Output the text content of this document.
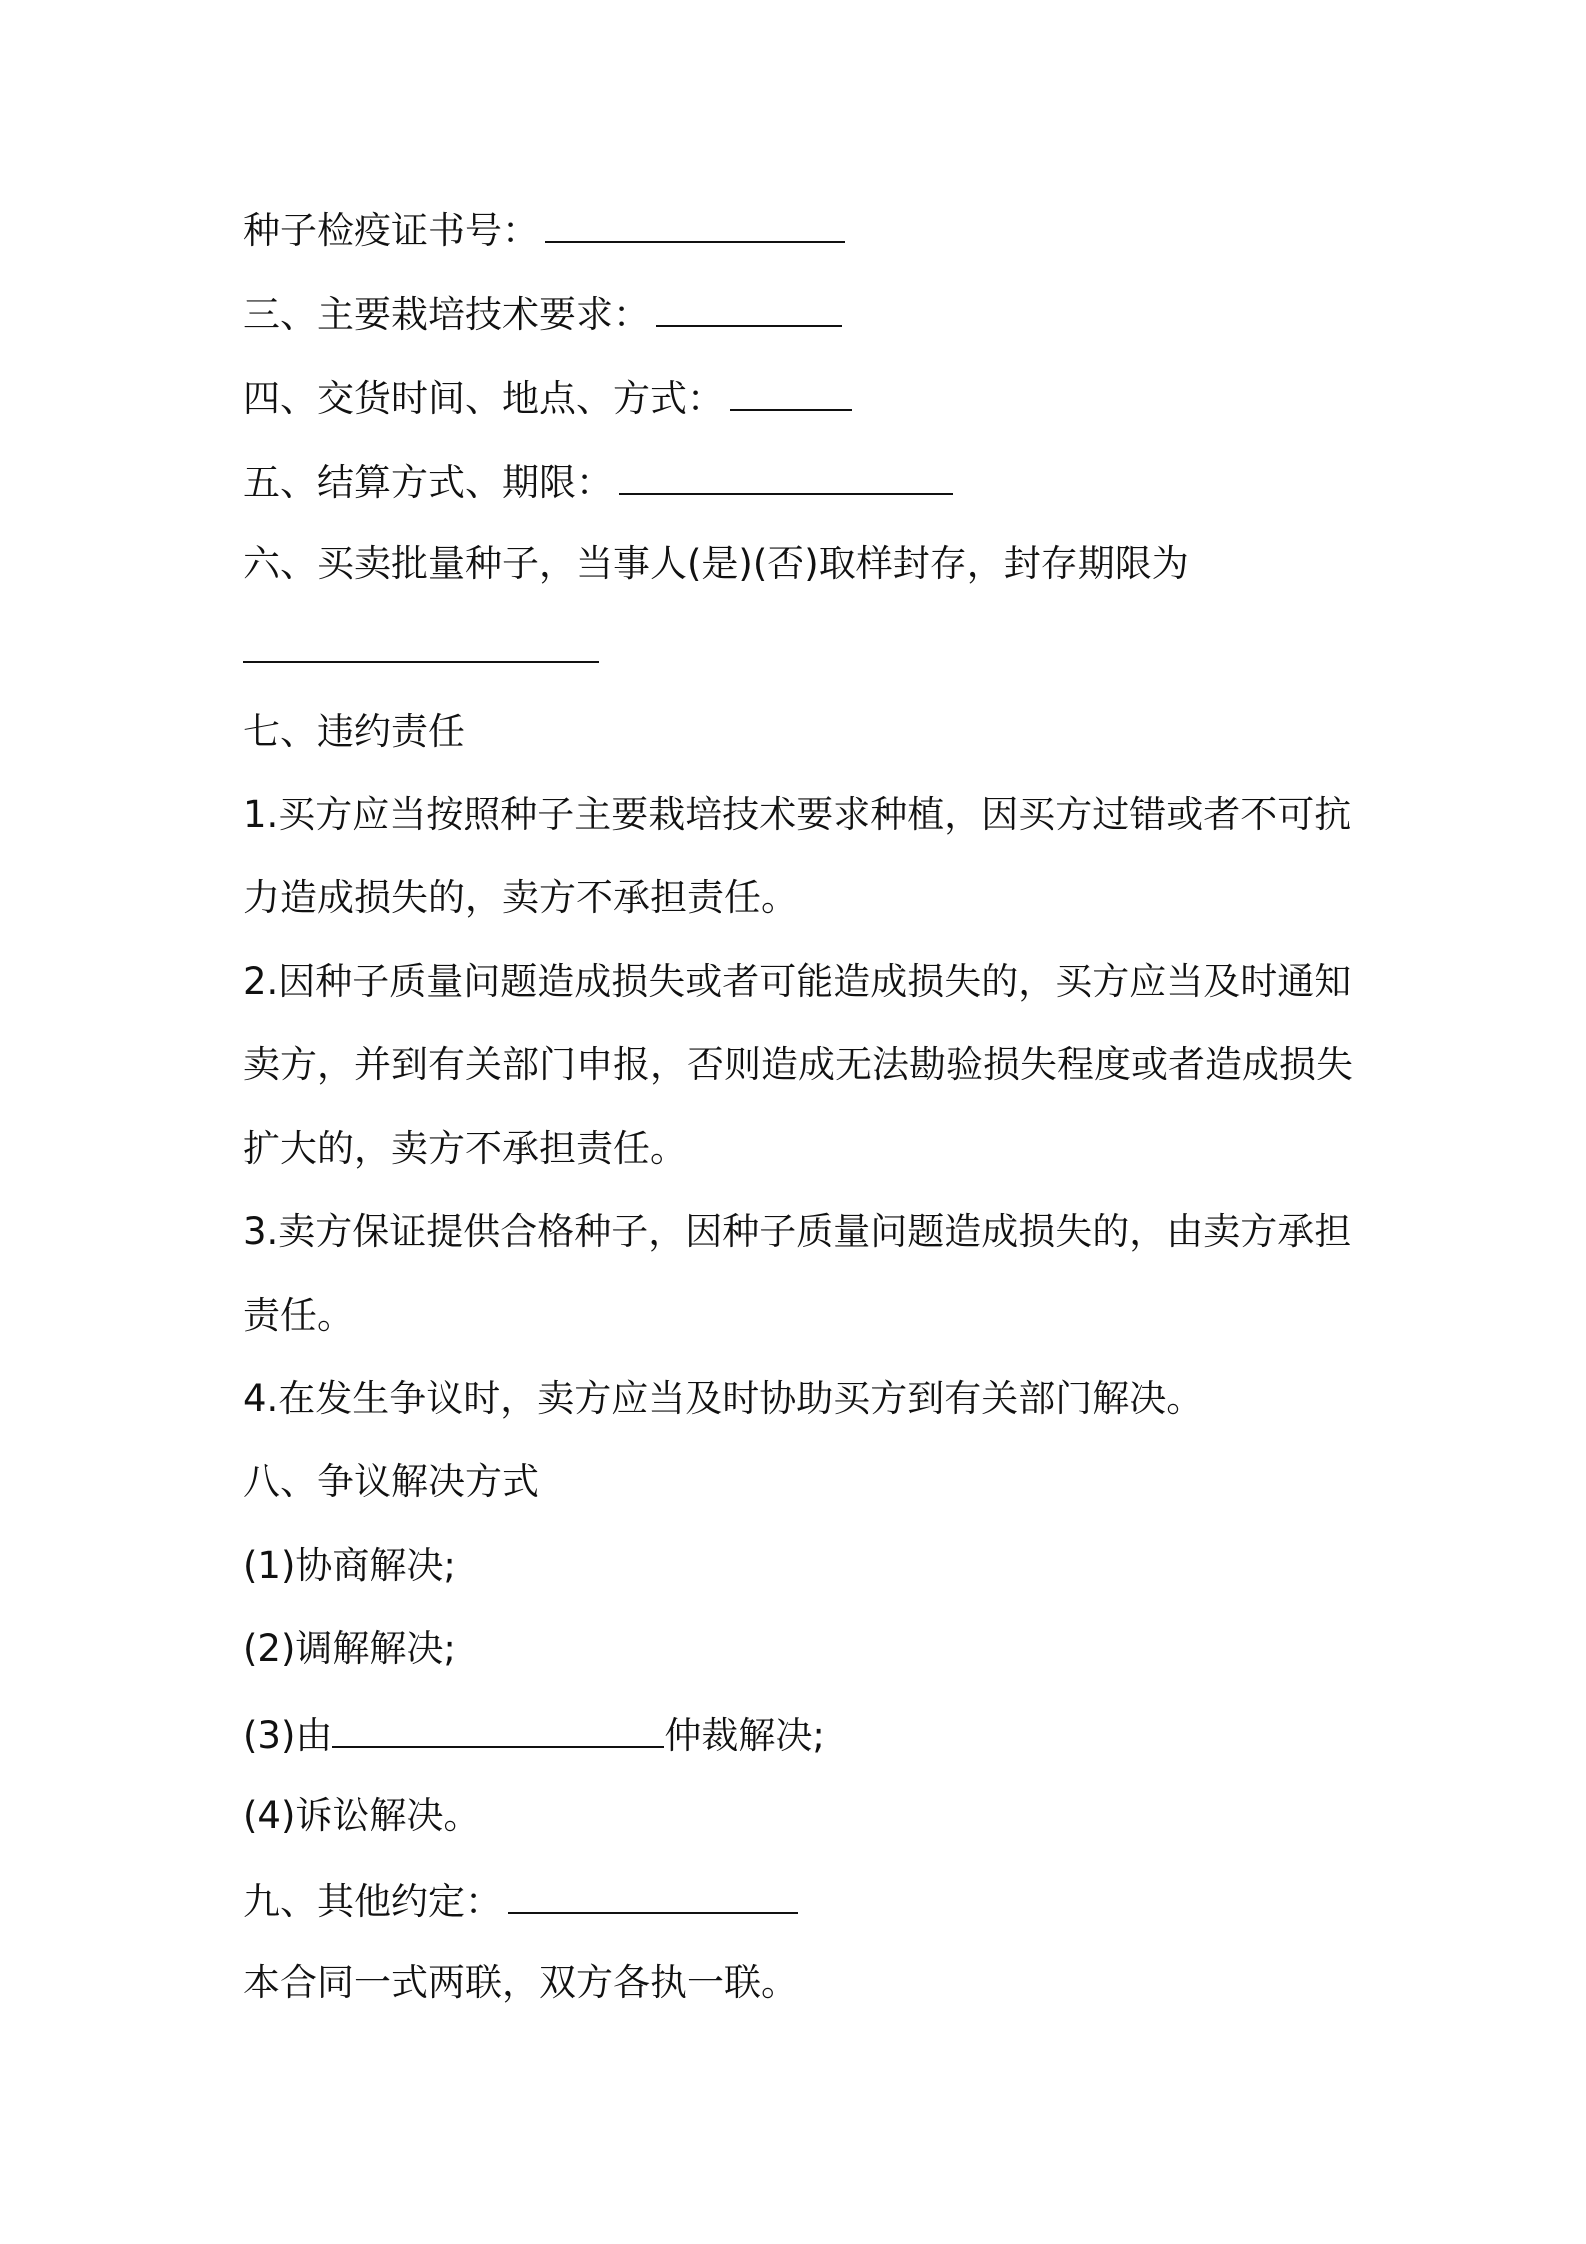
种子检疫证书号：
三、主要栽培技术要求：
四、交货时间、地点、方式：
五、结算方式、期限：
六、买卖批量种子，当事人(是)(否)取样封存，封存期限为
七、违约责任
1.买方应当按照种子主要栽培技术要求种植，因买方过错或者不可抗
力造成损失的，卖方不承担责任。
2.因种子质量问题造成损失或者可能造成损失的，买方应当及时通知
卖方，并到有关部门申报，否则造成无法勘验损失程度或者造成损失
扩大的，卖方不承担责任。
3.卖方保证提供合格种子，因种子质量问题造成损失的，由卖方承担
责任。
4.在发生争议时，卖方应当及时协助买方到有关部门解决。
八、争议解决方式
(1)协商解决;
(2)调解解决;
(3)由	仲裁解决;
(4)诉讼解决。
九、其他约定：
本合同一式两联，双方各执一联。
